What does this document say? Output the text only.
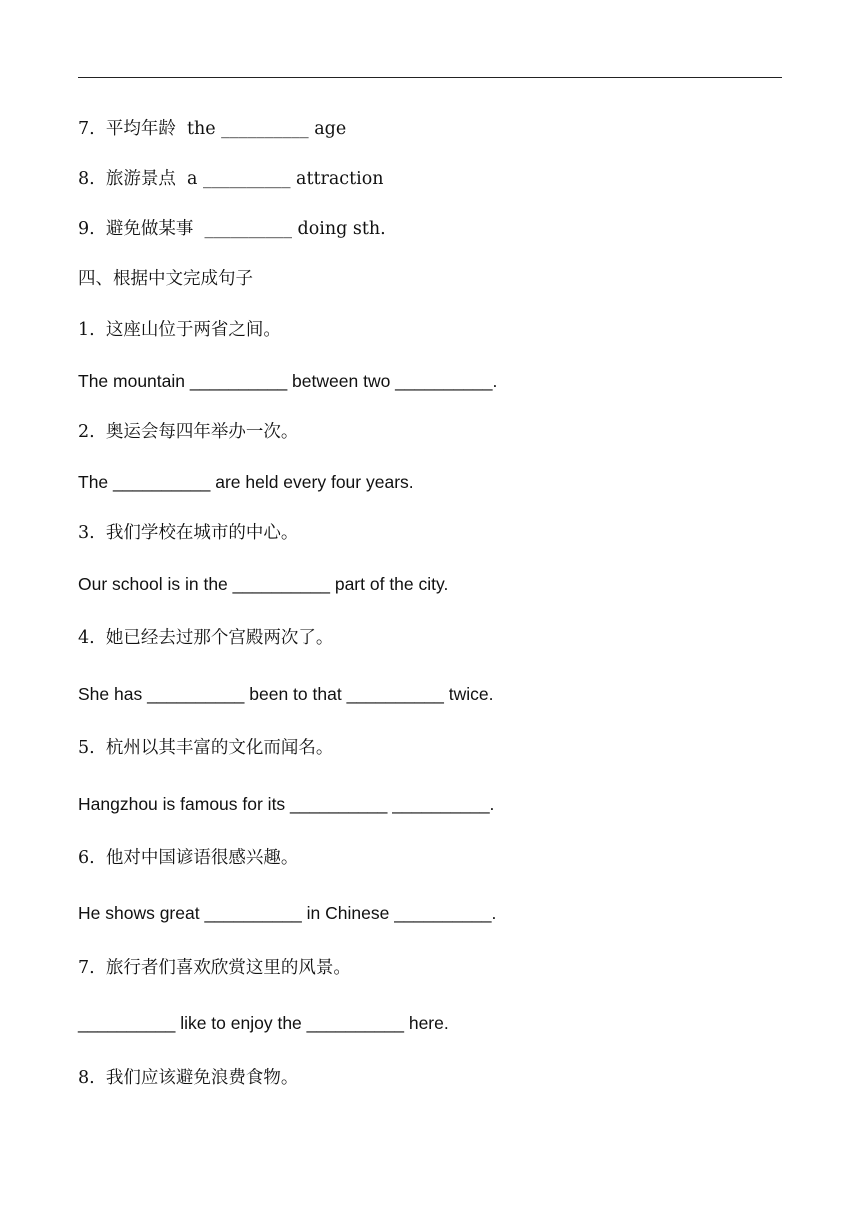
7.  平均年龄  the __________ age
8.  旅游景点  a __________ attraction
9.  避免做某事  __________ doing sth.
四、根据中文完成句子
1.  这座山位于两省之间。
The mountain __________ between two __________.
2.  奥运会每四年举办一次。
The __________ are held every four years.
3.  我们学校在城市的中心。
Our school is in the __________ part of the city.
4.  她已经去过那个宫殿两次了。
She has __________ been to that __________ twice.
5.  杭州以其丰富的文化而闻名。
Hangzhou is famous for its __________ __________.
6.  他对中国谚语很感兴趣。
He shows great __________ in Chinese __________.
7.  旅行者们喜欢欣赏这里的风景。
__________ like to enjoy the __________ here.
8.  我们应该避免浪费食物。
